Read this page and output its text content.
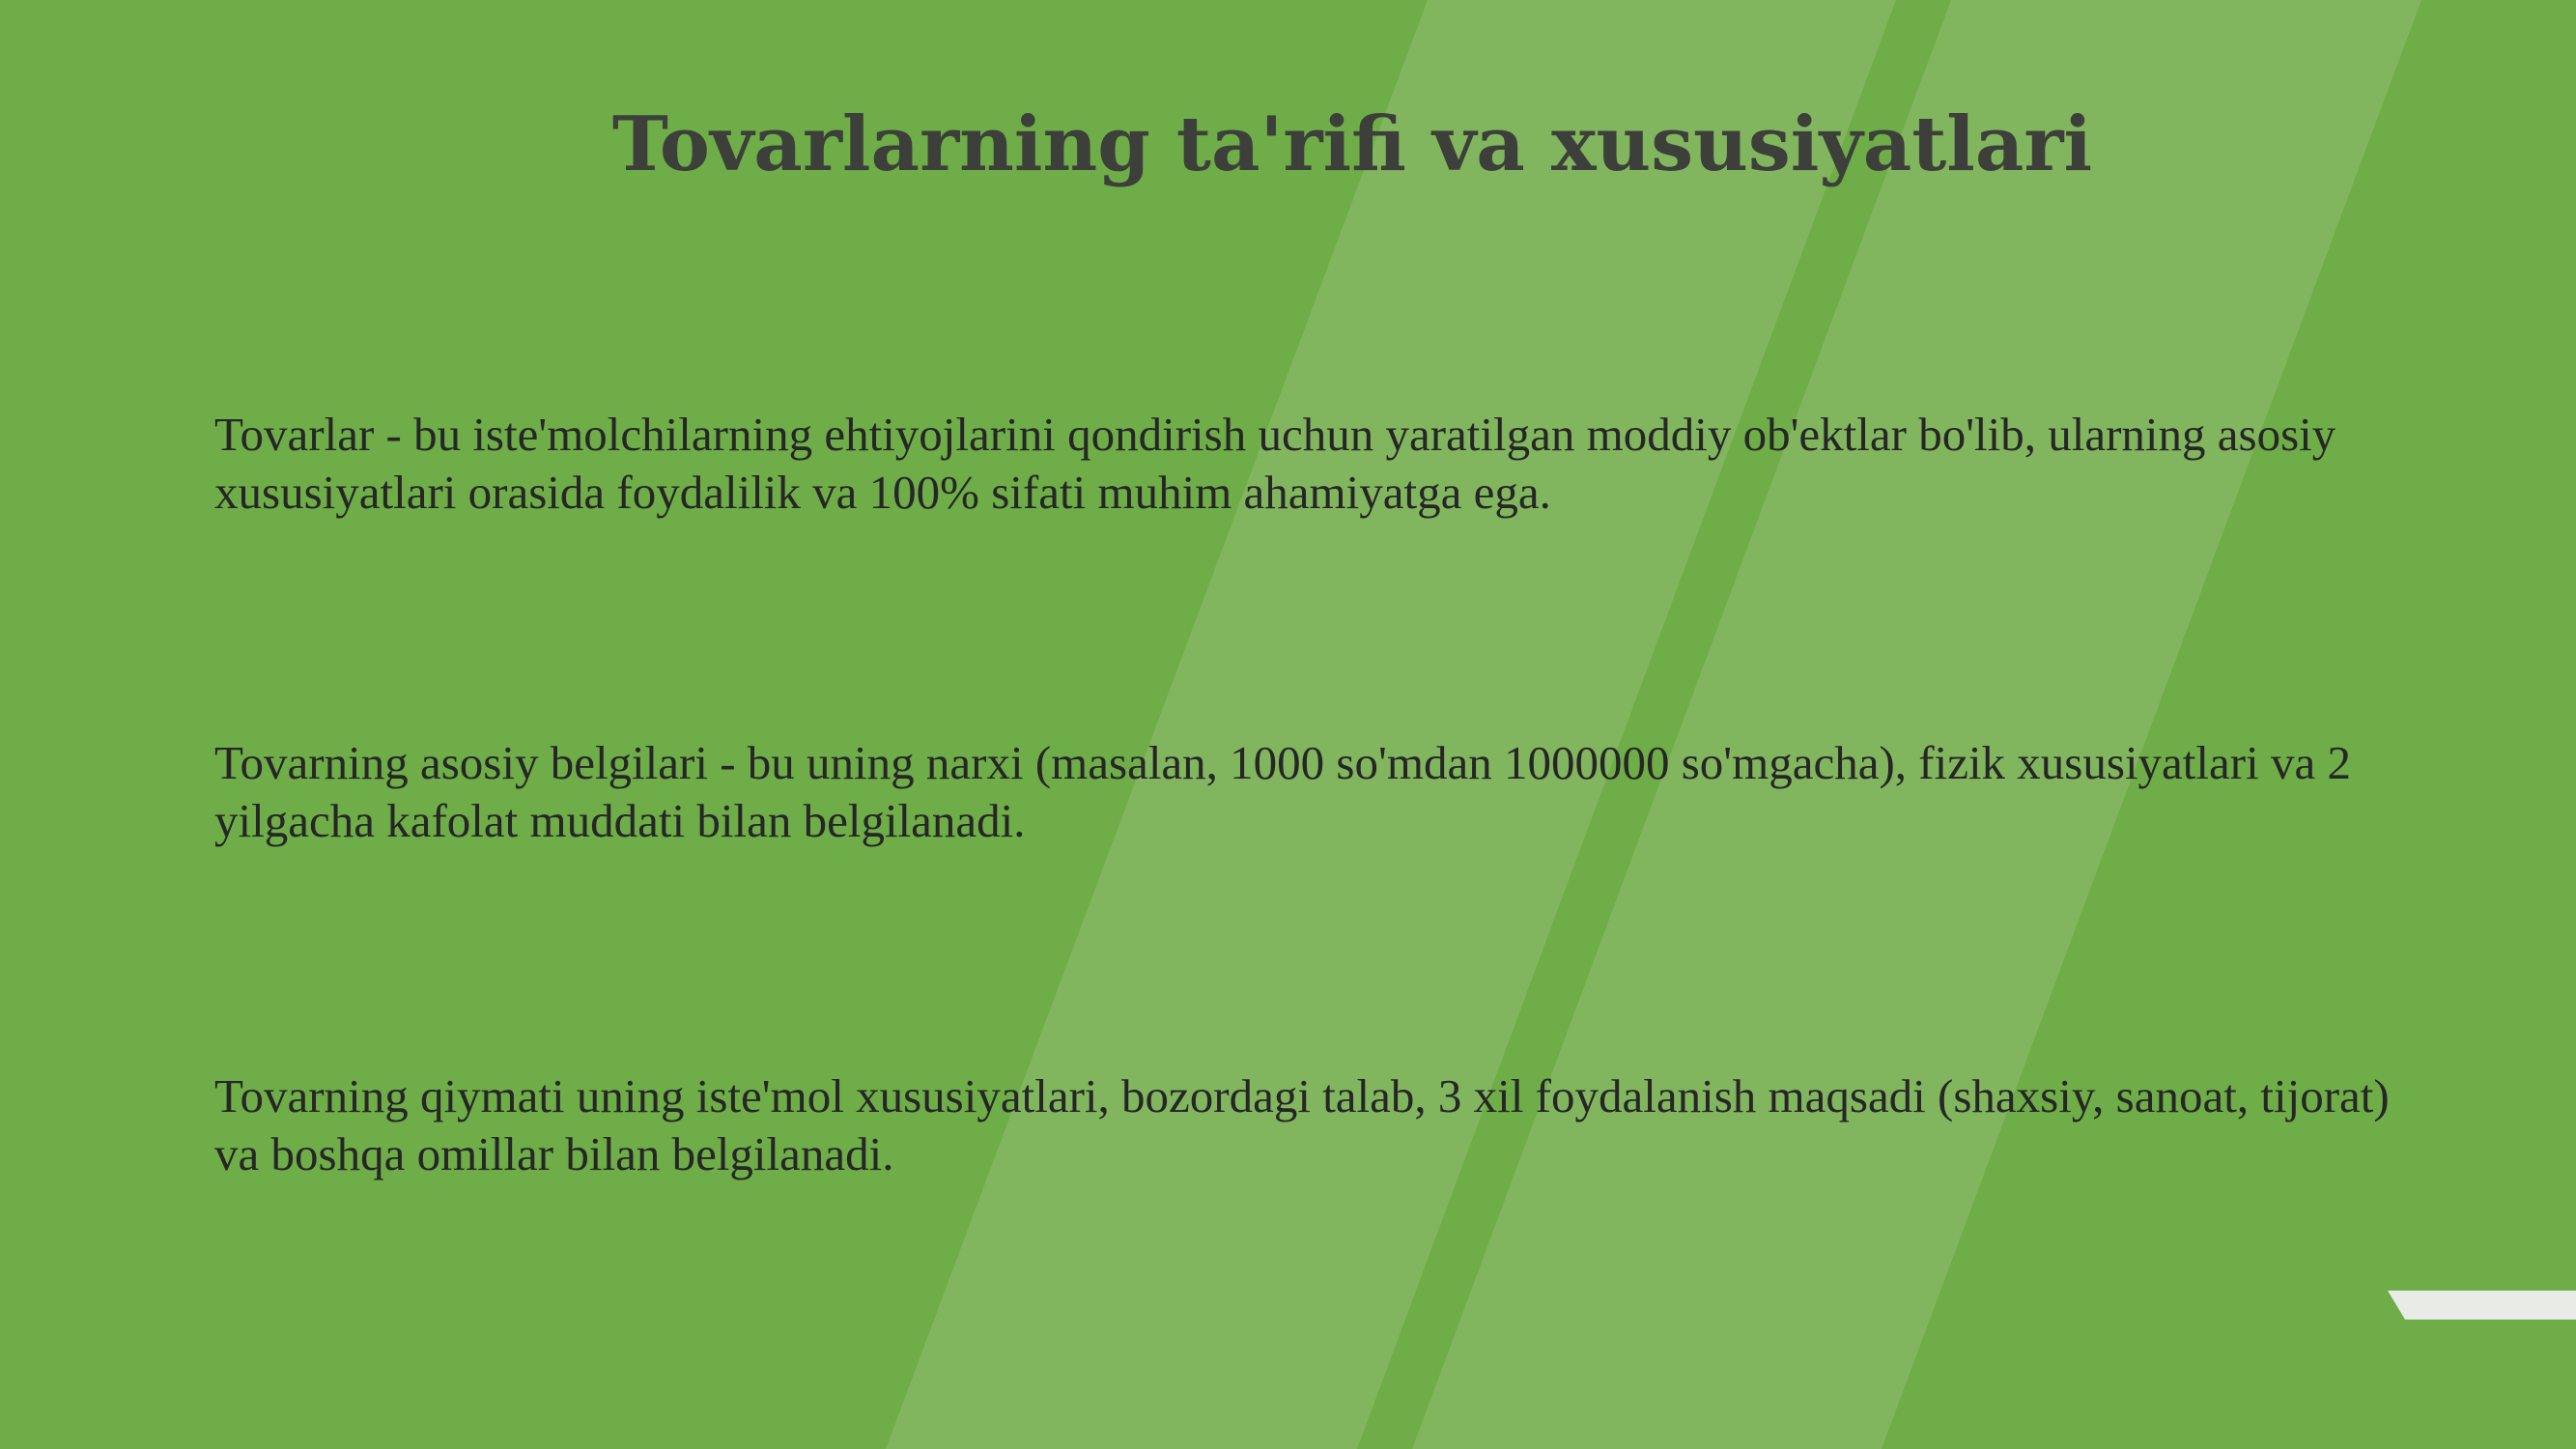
Tovarlarning ta'rifi va xususiyatlari

Tovarlar - bu iste'molchilarning ehtiyojlarini qondirish uchun yaratilgan moddiy ob'ektlar bo'lib, ularning asosiy xususiyatlari orasida foydalilik va 100% sifati muhim ahamiyatga ega.

Tovarning asosiy belgilari - bu uning narxi (masalan, 1000 so'mdan 1000000 so'mgacha), fizik xususiyatlari va 2 yilgacha kafolat muddati bilan belgilanadi.

Tovarning qiymati uning iste'mol xususiyatlari, bozordagi talab, 3 xil foydalanish maqsadi (shaxsiy, sanoat, tijorat) va boshqa omillar bilan belgilanadi.
